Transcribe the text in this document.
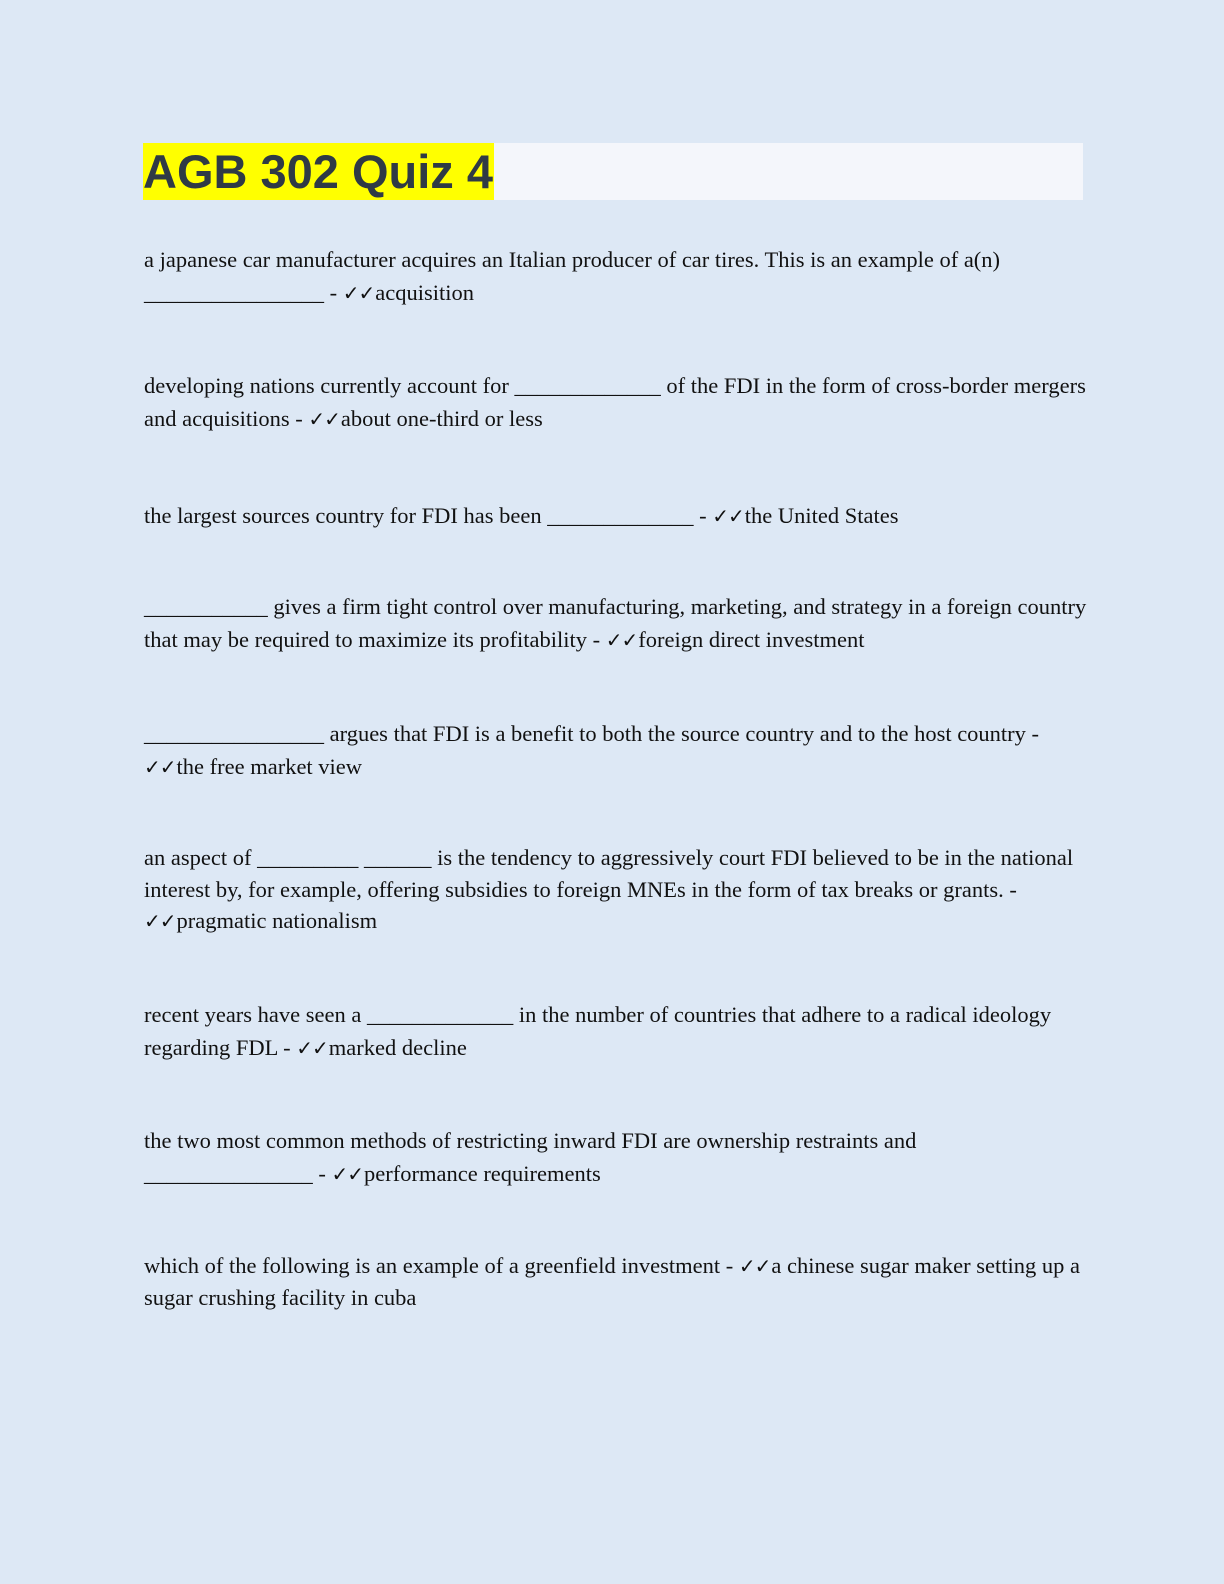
AGB 302 Quiz 4

a japanese car manufacturer acquires an Italian producer of car tires. This is an example of a(n) ________________ - ✓✓acquisition

developing nations currently account for _____________ of the FDI in the form of cross-border mergers and acquisitions - ✓✓about one-third or less

the largest sources country for FDI has been _____________ - ✓✓the United States

___________ gives a firm tight control over manufacturing, marketing, and strategy in a foreign country that may be required to maximize its profitability - ✓✓foreign direct investment

________________ argues that FDI is a benefit to both the source country and to the host country - ✓✓the free market view

an aspect of _________ ______ is the tendency to aggressively court FDI believed to be in the national interest by, for example, offering subsidies to foreign MNEs in the form of tax breaks or grants. - ✓✓pragmatic nationalism

recent years have seen a _____________ in the number of countries that adhere to a radical ideology regarding FDL - ✓✓marked decline

the two most common methods of restricting inward FDI are ownership restraints and _______________ - ✓✓performance requirements

which of the following is an example of a greenfield investment - ✓✓a chinese sugar maker setting up a sugar crushing facility in cuba
